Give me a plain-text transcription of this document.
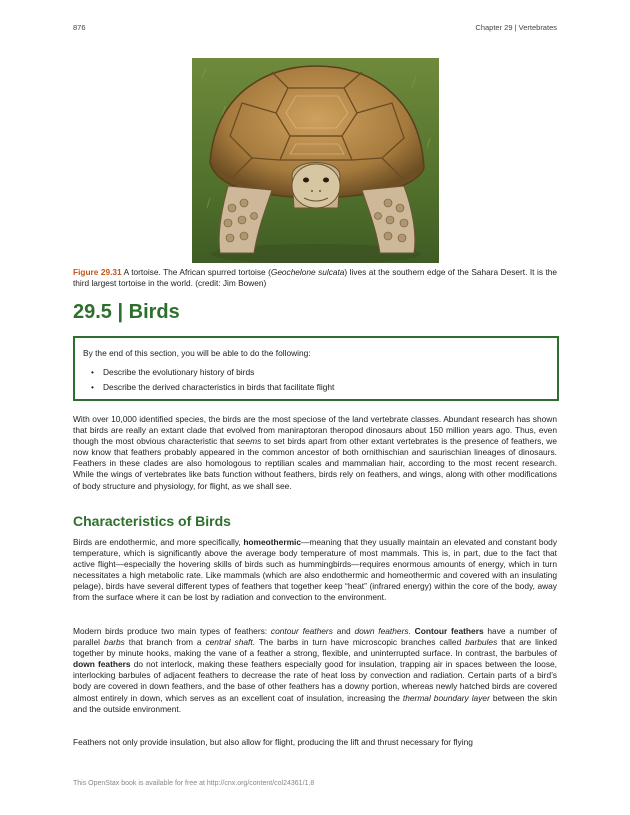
876	Chapter 29 | Vertebrates
Figure 29.31 A tortoise. The African spurred tortoise (Geochelone sulcata) lives at the southern edge of the Sahara Desert. It is the third largest tortoise in the world. (credit: Jim Bowen)
29.5 | Birds
By the end of this section, you will be able to do the following:
• Describe the evolutionary history of birds
• Describe the derived characteristics in birds that facilitate flight

With over 10,000 identified species, the birds are the most speciose of the land vertebrate classes. Abundant research has shown that birds are really an extant clade that evolved from maniraptoran theropod dinosaurs about 150 million years ago. Thus, even though the most obvious characteristic that seems to set birds apart from other extant vertebrates is the presence of feathers, we now know that feathers probably appeared in the common ancestor of both ornithischian and saurischian lineages of dinosaurs. Feathers in these clades are also homologous to reptilian scales and mammalian hair, according to the most recent research. While the wings of vertebrates like bats function without feathers, birds rely on feathers, and wings, along with other modifications of body structure and physiology, for flight, as we shall see.

Characteristics of Birds

Birds are endothermic, and more specifically, homeothermic—meaning that they usually maintain an elevated and constant body temperature, which is significantly above the average body temperature of most mammals. This is, in part, due to the fact that active flight—especially the hovering skills of birds such as hummingbirds—requires enormous amounts of energy, which in turn necessitates a high metabolic rate. Like mammals (which are also endothermic and homeothermic and covered with an insulating pelage), birds have several different types of feathers that together keep “heat” (infrared energy) within the core of the body, away from the surface where it can be lost by radiation and convection to the environment.

Modern birds produce two main types of feathers: contour feathers and down feathers. Contour feathers have a number of parallel barbs that branch from a central shaft. The barbs in turn have microscopic branches called barbules that are linked together by minute hooks, making the vane of a feather a strong, flexible, and uninterrupted surface. In contrast, the barbules of down feathers do not interlock, making these feathers especially good for insulation, trapping air in spaces between the loose, interlocking barbules of adjacent feathers to decrease the rate of heat loss by convection and radiation. Certain parts of a bird’s body are covered in down feathers, and the base of other feathers has a downy portion, whereas newly hatched birds are covered almost entirely in down, which serves as an excellent coat of insulation, increasing the thermal boundary layer between the skin and the outside environment.

Feathers not only provide insulation, but also allow for flight, producing the lift and thrust necessary for flying

This OpenStax book is available for free at http://cnx.org/content/col24361/1.8
